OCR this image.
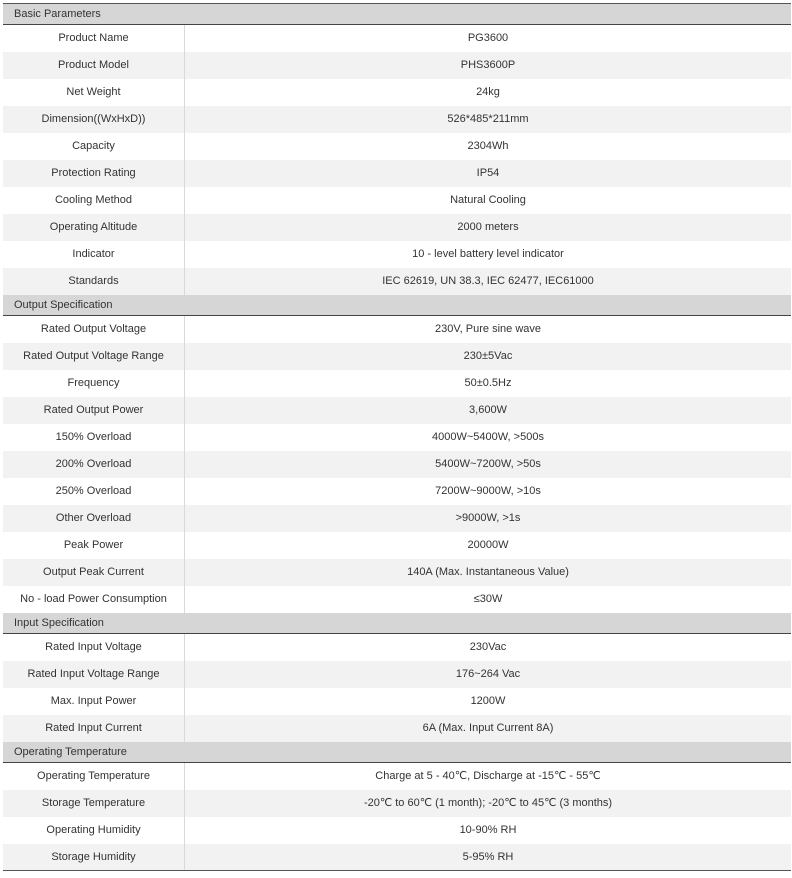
Basic Parameters
Product Name	PG3600
Product Model	PHS3600P
Net Weight	24kg
Dimension((WxHxD))	526*485*211mm
Capacity	2304Wh
Protection Rating	IP54
Cooling Method	Natural Cooling
Operating Altitude	2000 meters
Indicator	10 - level battery level indicator
Standards	IEC 62619, UN 38.3, IEC 62477, IEC61000
Output Specification
Rated Output Voltage	230V, Pure sine wave
Rated Output Voltage Range	230±5Vac
Frequency	50±0.5Hz
Rated Output Power	3,600W
150% Overload	4000W~5400W, >500s
200% Overload	5400W~7200W, >50s
250% Overload	7200W~9000W, >10s
Other Overload	>9000W, >1s
Peak Power	20000W
Output Peak Current	140A (Max. Instantaneous Value)
No - load Power Consumption	≤30W
Input Specification
Rated Input Voltage	230Vac
Rated Input Voltage Range	176~264 Vac
Max. Input Power	1200W
Rated Input Current	6A (Max. Input Current 8A)
Operating Temperature
Operating Temperature	Charge at 5 - 40℃, Discharge at -15℃ - 55℃
Storage Temperature	-20℃ to 60℃ (1 month); -20℃ to 45℃ (3 months)
Operating Humidity	10-90% RH
Storage Humidity	5-95% RH
